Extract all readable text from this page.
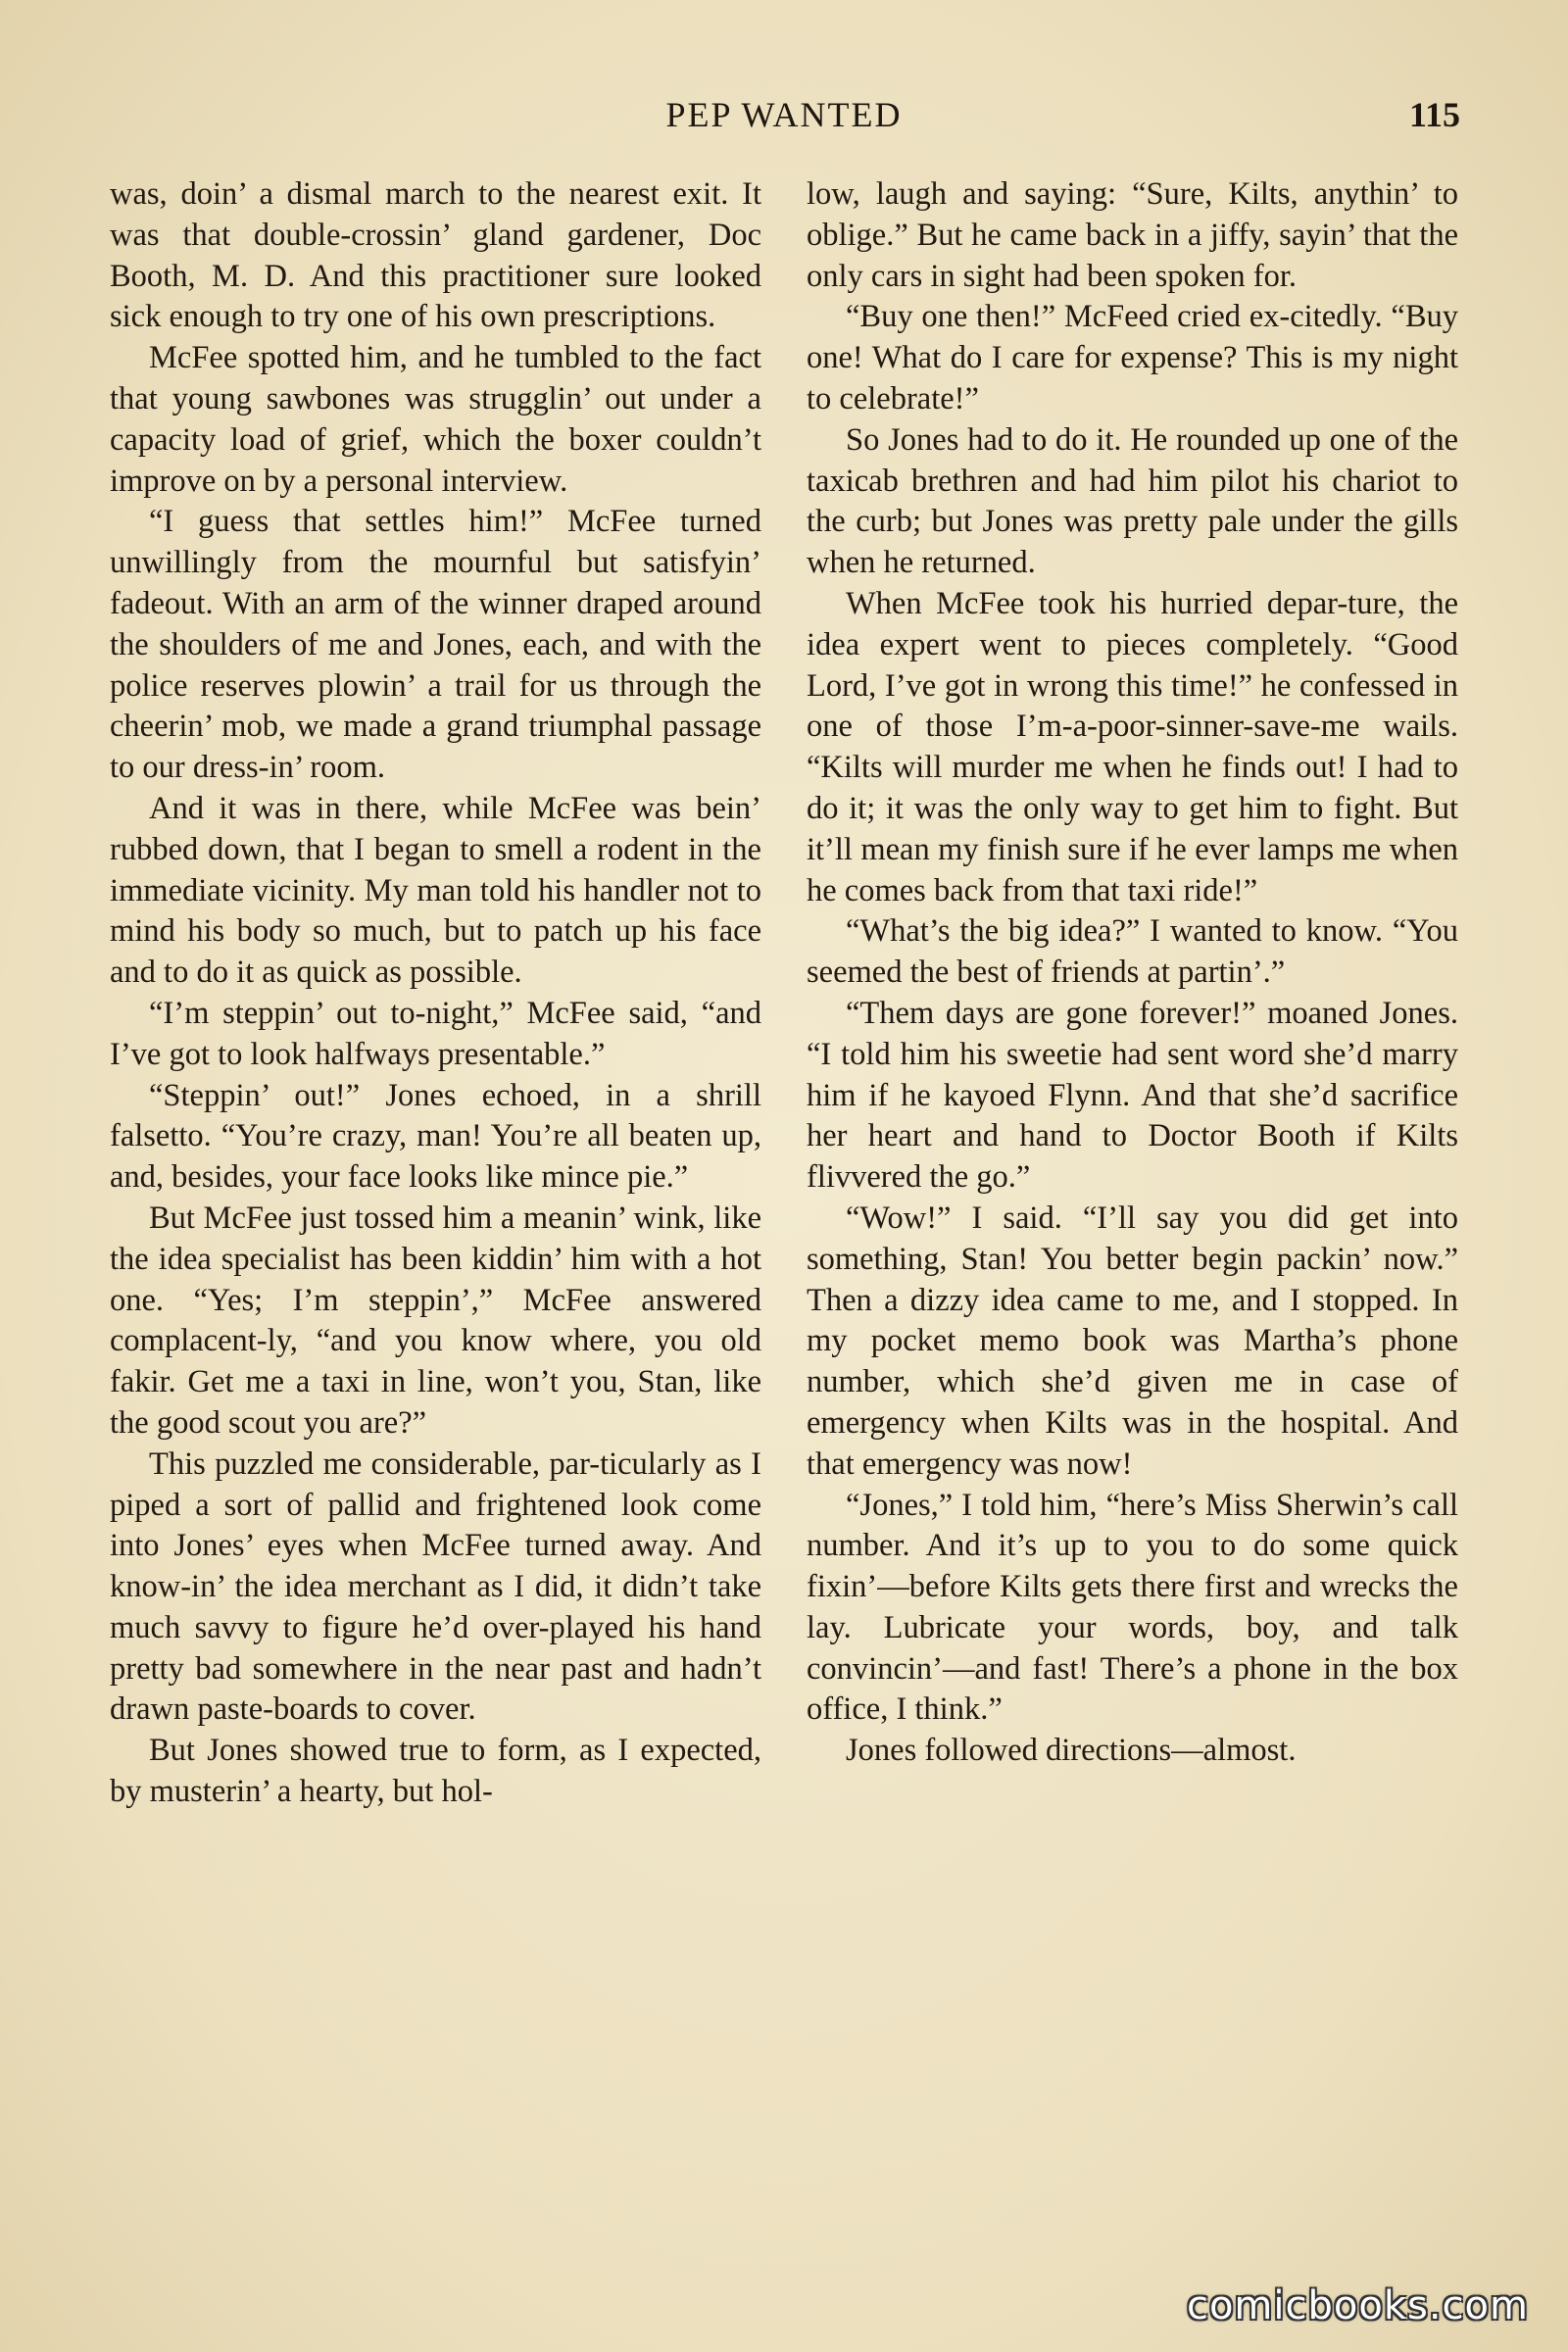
PEP WANTED	115

was, doin’ a dismal march to the nearest exit. It was that double-crossin’ gland gardener, Doc Booth, M. D. And this practitioner sure looked sick enough to try one of his own prescriptions.

McFee spotted him, and he tumbled to the fact that young sawbones was strugglin’ out under a capacity load of grief, which the boxer couldn’t improve on by a personal interview.

“I guess that settles him!” McFee turned unwillingly from the mournful but satisfyin’ fadeout. With an arm of the winner draped around the shoulders of me and Jones, each, and with the police reserves plowin’ a trail for us through the cheerin’ mob, we made a grand triumphal passage to our dress-in’ room.

And it was in there, while McFee was bein’ rubbed down, that I began to smell a rodent in the immediate vicinity. My man told his handler not to mind his body so much, but to patch up his face and to do it as quick as possible.

“I’m steppin’ out to-night,” McFee said, “and I’ve got to look halfways presentable.”

“Steppin’ out!” Jones echoed, in a shrill falsetto. “You’re crazy, man! You’re all beaten up, and, besides, your face looks like mince pie.”

But McFee just tossed him a meanin’ wink, like the idea specialist has been kiddin’ him with a hot one. “Yes; I’m steppin’,” McFee answered complacent-ly, “and you know where, you old fakir. Get me a taxi in line, won’t you, Stan, like the good scout you are?”

This puzzled me considerable, par-ticularly as I piped a sort of pallid and frightened look come into Jones’ eyes when McFee turned away. And know-in’ the idea merchant as I did, it didn’t take much savvy to figure he’d over-played his hand pretty bad somewhere in the near past and hadn’t drawn paste-boards to cover.

But Jones showed true to form, as I expected, by musterin’ a hearty, but hol-

low, laugh and saying: “Sure, Kilts, anythin’ to oblige.” But he came back in a jiffy, sayin’ that the only cars in sight had been spoken for.

“Buy one then!” McFeed cried ex-citedly. “Buy one! What do I care for expense? This is my night to celebrate!”

So Jones had to do it. He rounded up one of the taxicab brethren and had him pilot his chariot to the curb; but Jones was pretty pale under the gills when he returned.

When McFee took his hurried depar-ture, the idea expert went to pieces completely. “Good Lord, I’ve got in wrong this time!” he confessed in one of those I’m-a-poor-sinner-save-me wails. “Kilts will murder me when he finds out! I had to do it; it was the only way to get him to fight. But it’ll mean my finish sure if he ever lamps me when he comes back from that taxi ride!”

“What’s the big idea?” I wanted to know. “You seemed the best of friends at partin’.”

“Them days are gone forever!” moaned Jones. “I told him his sweetie had sent word she’d marry him if he kayoed Flynn. And that she’d sacrifice her heart and hand to Doctor Booth if Kilts flivvered the go.”

“Wow!” I said. “I’ll say you did get into something, Stan! You better begin packin’ now.” Then a dizzy idea came to me, and I stopped. In my pocket memo book was Martha’s phone number, which she’d given me in case of emergency when Kilts was in the hospital. And that emergency was now!

“Jones,” I told him, “here’s Miss Sherwin’s call number. And it’s up to you to do some quick fixin’—before Kilts gets there first and wrecks the lay. Lubricate your words, boy, and talk convincin’—and fast! There’s a phone in the box office, I think.”

Jones followed directions—almost.

comicbooks.com
